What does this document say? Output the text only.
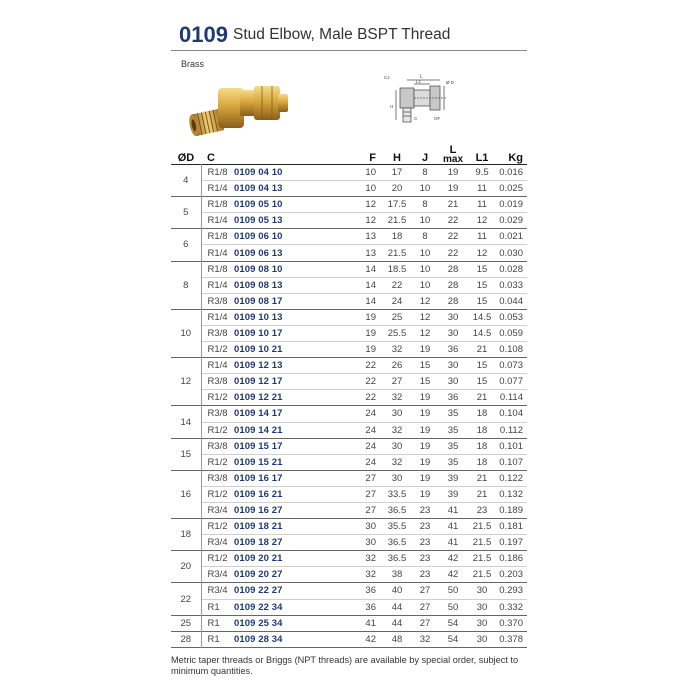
0109 Stud Elbow, Male BSPT Thread
Brass
L
L1	Ø D
CJ
H
C	OF
ØD	C		F	H	J	L
max	L1	Kg
4	R1/8	0109 04 10	10	17	8	19	9.5	0.016
	R1/4	0109 04 13	10	20	10	19	11	0.025
5	R1/8	0109 05 10	12	17.5	8	21	11	0.019
	R1/4	0109 05 13	12	21.5	10	22	12	0.029
6	R1/8	0109 06 10	13	18	8	22	11	0.021
	R1/4	0109 06 13	13	21.5	10	22	12	0.030
8	R1/8	0109 08 10	14	18.5	10	28	15	0.028
	R1/4	0109 08 13	14	22	10	28	15	0.033
	R3/8	0109 08 17	14	24	12	28	15	0.044
10	R1/4	0109 10 13	19	25	12	30	14.5	0.053
	R3/8	0109 10 17	19	25.5	12	30	14.5	0.059
	R1/2	0109 10 21	19	32	19	36	21	0.108
12	R1/4	0109 12 13	22	26	15	30	15	0.073
	R3/8	0109 12 17	22	27	15	30	15	0.077
	R1/2	0109 12 21	22	32	19	36	21	0.114
14	R3/8	0109 14 17	24	30	19	35	18	0.104
	R1/2	0109 14 21	24	32	19	35	18	0.112
15	R3/8	0109 15 17	24	30	19	35	18	0.101
	R1/2	0109 15 21	24	32	19	35	18	0.107
16	R3/8	0109 16 17	27	30	19	39	21	0.122
	R1/2	0109 16 21	27	33.5	19	39	21	0.132
	R3/4	0109 16 27	27	36.5	23	41	23	0.189
18	R1/2	0109 18 21	30	35.5	23	41	21.5	0.181
	R3/4	0109 18 27	30	36.5	23	41	21.5	0.197
20	R1/2	0109 20 21	32	36.5	23	42	21.5	0.186
	R3/4	0109 20 27	32	38	23	42	21.5	0.203
22	R3/4	0109 22 27	36	40	27	50	30	0.293
	R1	0109 22 34	36	44	27	50	30	0.332
25	R1	0109 25 34	41	44	27	54	30	0.370
28	R1	0109 28 34	42	48	32	54	30	0.378
Metric taper threads or Briggs (NPT threads) are available by special order, subject to minimum quantities.
